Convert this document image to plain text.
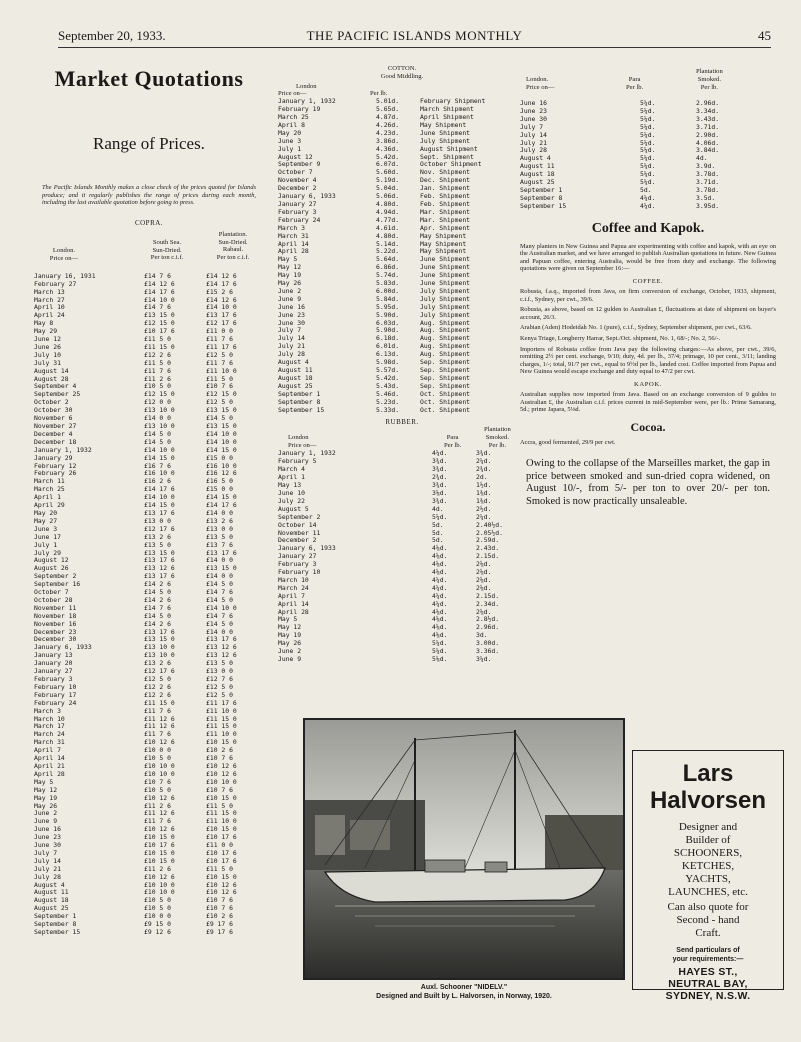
September 20, 1933.	THE PACIFIC ISLANDS MONTHLY	45
Market Quotations
Range of Prices.
The Pacific Islands Monthly makes a close check of the prices quoted for Islands produce; and it regularly publishes the range of prices during each month, including the last available quotation before going to press.
COPRA.
London.
Price on—
South Sea.
Sun-Dried.
Per ton c.i.f.
Plantation.
Sun-Dried.
Rabaul.
Per ton c.i.f.
January 16, 1931	£14 7 6	£14 12 6
February 27	£14 12 6	£14 17 6
March 13	£14 17 6	£15 2 6
March 27	£14 10 0	£14 12 6
April 10	£14 7 6	£14 10 0
April 24	£13 15 0	£13 17 6
May 8	£12 15 0	£12 17 6
May 29	£10 17 6	£11 0 0
June 12	£11 5 0	£11 7 6
June 26	£11 15 0	£11 17 6
July 10	£12 2 6	£12 5 0
July 31	£11 5 0	£11 7 6
August 14	£11 7 6	£11 10 0
August 28	£11 2 6	£11 5 0
September 4	£10 5 0	£10 7 6
September 25	£12 15 0	£12 15 0
October 2	£12 0 0	£12 5 0
October 30	£13 10 0	£13 15 0
November 6	£14 0 0	£14 5 0
November 27	£13 10 0	£13 15 0
December 4	£14 5 0	£14 10 0
December 18	£14 5 0	£14 10 0
January 1, 1932	£14 10 0	£14 15 0
January 29	£14 15 0	£15 0 0
February 12	£16 7 6	£16 10 0
February 26	£16 10 0	£16 12 6
March 11	£16 2 6	£16 5 0
March 25	£14 17 6	£15 0 0
April 1	£14 10 0	£14 15 0
April 29	£14 15 0	£14 17 6
May 20	£13 17 6	£14 0 0
May 27	£13 0 0	£13 2 6
June 3	£12 17 6	£13 0 0
June 17	£13 2 6	£13 5 0
July 1	£13 5 0	£13 7 6
July 29	£13 15 0	£13 17 6
August 12	£13 17 6	£14 0 0
August 26	£13 12 6	£13 15 0
September 2	£13 17 6	£14 0 0
September 16	£14 2 6	£14 5 0
October 7	£14 5 0	£14 7 6
October 28	£14 2 6	£14 5 0
November 11	£14 7 6	£14 10 0
November 18	£14 5 0	£14 7 6
November 16	£14 2 6	£14 5 0
December 23	£13 17 6	£14 0 0
December 30	£13 15 0	£13 17 6
January 6, 1933	£13 10 0	£13 12 6
January 13	£13 10 0	£13 12 6
January 20	£13 2 6	£13 5 0
January 27	£12 17 6	£13 0 0
February 3	£12 5 0	£12 7 6
February 10	£12 2 6	£12 5 0
February 17	£12 2 6	£12 5 0
February 24	£11 15 0	£11 17 6
March 3	£11 7 6	£11 10 0
March 10	£11 12 6	£11 15 0
March 17	£11 12 6	£11 15 0
March 24	£11 7 6	£11 10 0
March 31	£10 12 6	£10 15 0
April 7	£10 0 0	£10 2 6
April 14	£10 5 0	£10 7 6
April 21	£10 10 0	£10 12 6
April 28	£10 10 0	£10 12 6
May 5	£10 7 6	£10 10 0
May 12	£10 5 0	£10 7 6
May 19	£10 12 6	£10 15 0
May 26	£11 2 6	£11 5 0
June 2	£11 12 6	£11 15 0
June 9	£11 7 6	£11 10 0
June 16	£10 12 6	£10 15 0
June 23	£10 15 0	£10 17 6
June 30	£10 17 6	£11 0 0
July 7	£10 15 0	£10 17 6
July 14	£10 15 0	£10 17 6
July 21	£11 2 6	£11 5 0
July 28	£10 12 6	£10 15 0
August 4	£10 10 0	£10 12 6
August 11	£10 10 0	£10 12 6
August 18	£10 5 0	£10 7 6
August 25	£10 5 0	£10 7 6
September 1	£10 0 0	£10 2 6
September 8	£9 15 0	£9 17 6
September 15	£9 12 6	£9 17 6
COTTON.
Good Middling.
London
Price on—	Per lb.
January 1, 1932	5.01d.	February Shipment
February 19	5.65d.	March Shipment
March 25	4.87d.	April Shipment
April 8	4.26d.	May Shipment
May 20	4.23d.	June Shipment
June 3	3.86d.	July Shipment
July 1	4.36d.	August Shipment
August 12	5.42d.	Sept. Shipment
September 9	6.07d.	October Shipment
October 7	5.60d.	Nov. Shipment
November 4	5.19d.	Dec. Shipment
December 2	5.04d.	Jan. Shipment
January 6, 1933	5.06d.	Feb. Shipment
January 27	4.80d.	Feb. Shipment
February 3	4.94d.	Mar. Shipment
February 24	4.77d.	Mar. Shipment
March 3	4.61d.	Apr. Shipment
March 31	4.80d.	May Shipment
April 14	5.14d.	May Shipment
April 28	5.22d.	May Shipment
May 5	5.64d.	June Shipment
May 12	6.86d.	June Shipment
May 19	5.74d.	June Shipment
May 26	5.83d.	June Shipment
June 2	6.00d.	July Shipment
June 9	5.84d.	July Shipment
June 16	5.95d.	July Shipment
June 23	5.90d.	July Shipment
June 30	6.03d.	Aug. Shipment
July 7	5.90d.	Aug. Shipment
July 14	6.18d.	Aug. Shipment
July 21	6.01d.	Aug. Shipment
July 28	6.13d.	Aug. Shipment
August 4	5.98d.	Sep. Shipment
August 11	5.57d.	Sep. Shipment
August 18	5.42d.	Sep. Shipment
August 25	5.43d.	Sep. Shipment
September 1	5.46d.	Oct. Shipment
September 8	5.23d.	Oct. Shipment
September 15	5.33d.	Oct. Shipment
RUBBER.
London
Price on—
Para
Per lb.
Plantation
Smoked.
Per lb.
January 1, 1932	4¼d.	3¾d.
February 5	3¾d.	2¼d.
March 4	3¾d.	2¾d.
April 1	2¾d.	2d.
May 13	3¾d.	1½d.
June 10	3⅛d.	1⅜d.
July 22	3¾d.	1⅜d.
August 5	4d.	2½d.
September 2	5¼d.	2¼d.
October 14	5d.	2.40½d.
November 11	5d.	2.05½d.
December 2	5d.	2.59d.
January 6, 1933	4⅛d.	2.43d.
January 27	4⅛d.	2.15d.
February 3	4⅛d.	2⅛d.
February 10	4⅛d.	2⅛d.
March 10	4¼d.	2⅛d.
March 24	4¼d.	2⅛d.
April 7	4¼d.	2.15d.
April 14	4¼d.	2.34d.
April 28	4⅛d.	2⅛d.
May 5	4⅛d.	2.8½d.
May 12	4⅛d.	2.96d.
May 19	4⅛d.	3d.
May 26	5¼d.	3.00d.
June 2	5¼d.	3.36d.
June 9	5⅛d.	3¼d.
London.
Price on—
Para
Per lb.
Plantation
Smoked.
Per lb.
June 16	5¼d.	2.96d.
June 23	5¼d.	3.34d.
June 30	5¼d.	3.43d.
July 7	5¼d.	3.71d.
July 14	5¼d.	2.90d.
July 21	5¼d.	4.06d.
July 28	5¼d.	3.84d.
August 4	5¼d.	4d.
August 11	5¼d.	3.9d.
August 18	5¼d.	3.78d.
August 25	5¼d.	3.71d.
September 1	5d.	3.78d.
September 8	4¼d.	3.5d.
September 15	4¼d.	3.95d.
Coffee and Kapok.
Many planters in New Guinea and Papua are experimenting with coffee and kapok, with an eye on the Australian market, and we have arranged to publish Australian quotations in future. New Guinea and Papuan coffee, entering Australia, would be free from duty and exchange. The following quotations were given on September 16:—
COFFEE.
Robusta, f.a.q., imported from Java, on firm conversion of exchange, October, 1933, shipment, c.i.f., Sydney, per cwt., 39/6.
Robusta, as above, based on 12 gulden to Australian £, fluctuations at date of shipment on buyer's account, 26/3.
Arabian (Aden) Hodeidah No. 1 (pure), c.i.f., Sydney, September shipment, per cwt., 63/6.
Kenya Triage, Longberry Harrar, Sept./Oct. shipment, No. 1, 68/-; No. 2, 56/-.
Importers of Robusta coffee from Java pay the following charges:—As above, per cwt., 39/6, remitting 2½ per cent. exchange, 9/10; duty, 4d. per lb., 37/4; primage, 10 per cent., 3/11; landing charges, 1/-; total, 91/7 per cwt., equal to 9½d per lb., landed cost. Coffee imported from Papua and New Guinea would escape exchange and duty equal to 47/2 per cwt.
KAPOK.
Australian supplies now imported from Java. Based on an exchange conversion of 9 guldes to Australian £, the Australian c.i.f. prices current in mid-September were, per lb.: Prime Samarang, 5d.; prime Japara, 5⅛d.
Cocoa.
Accra, good fermented, 29/9 per cwt.
Owing to the collapse of the Marseilles market, the gap in price between smoked and sun-dried copra widened, on August 10/-, from 5/- per ton to over 20/- per ton. Smoked is now practically unsaleable.
Auxl. Schooner "NIDELV."
Designed and Built by L. Halvorsen, in Norway, 1920.
Lars
Halvorsen
Designer and
Builder of
SCHOONERS,
KETCHES,
YACHTS,
LAUNCHES, etc.
Can also quote for
Second - hand
Craft.
Send particulars of
your requirements:—
HAYES ST.,
NEUTRAL BAY,
SYDNEY, N.S.W.
